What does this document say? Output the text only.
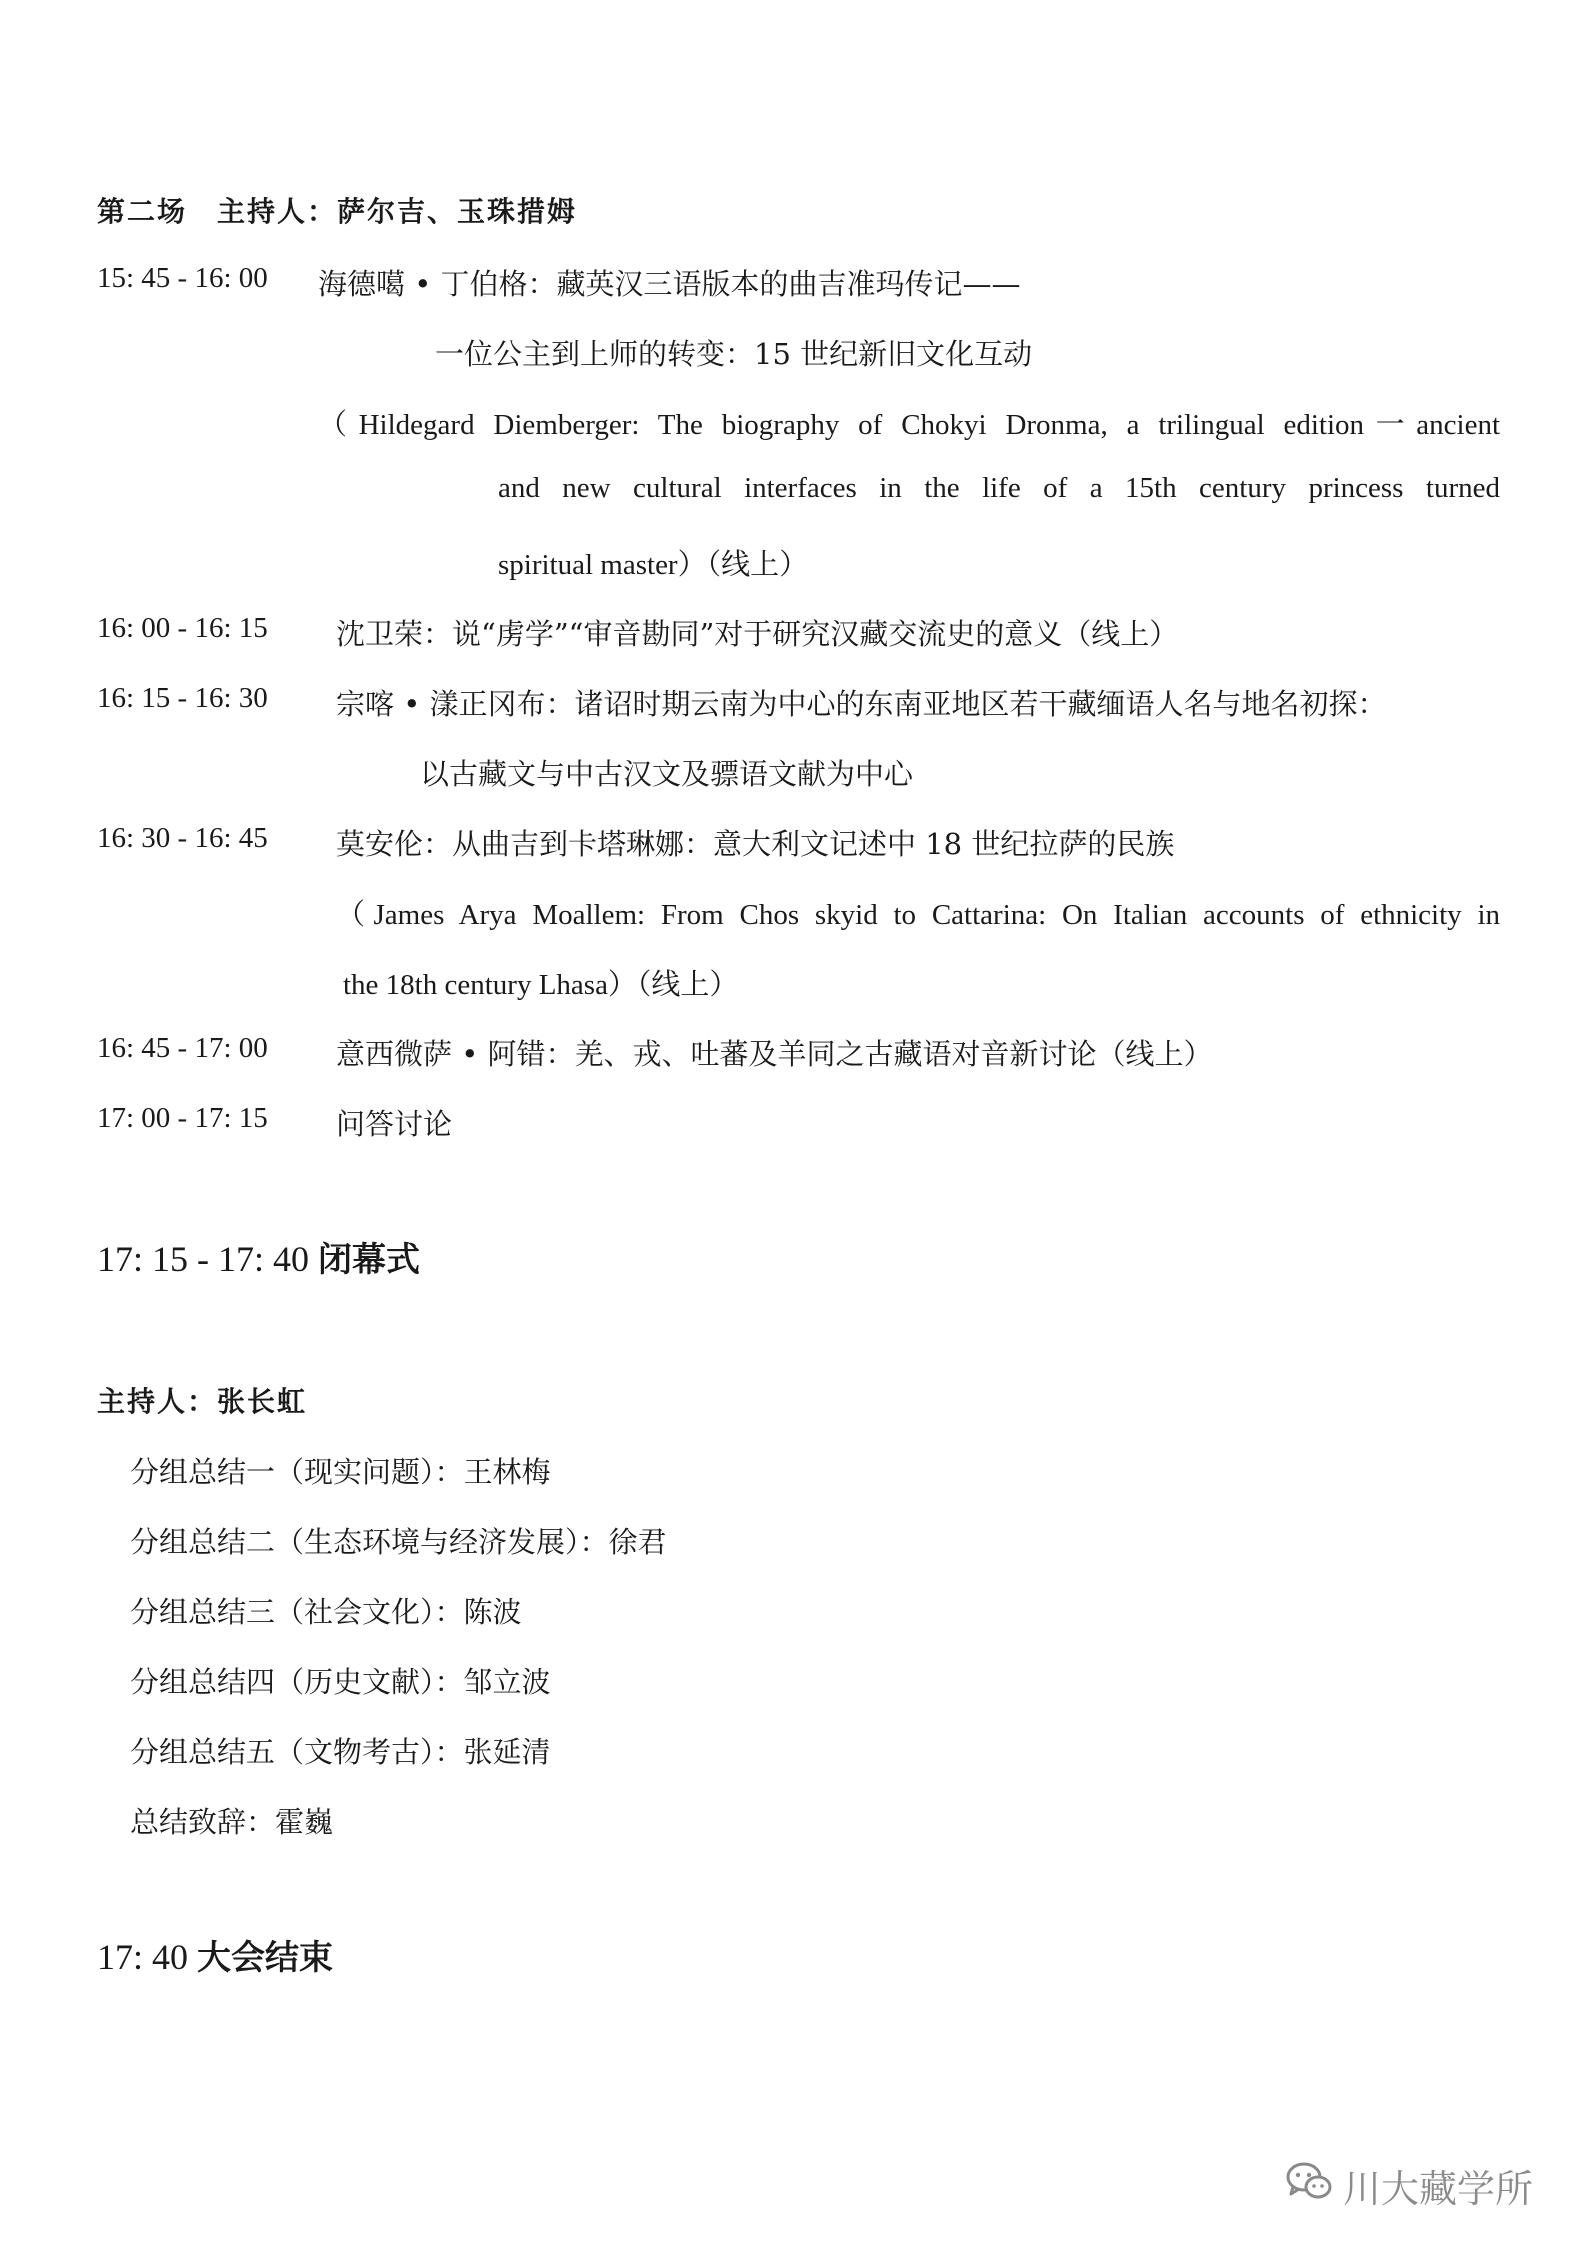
第二场　主持人：萨尔吉、玉珠措姆
15: 45 - 16: 00 海德噶 • 丁伯格：藏英汉三语版本的曲吉准玛传记——
一位公主到上师的转变：15 世纪新旧文化互动
（Hildegard Diemberger: The biography of Chokyi Dronma, a trilingual edition一ancient
and new cultural interfaces in the life of a 15th century princess turned
spiritual master）（线上）
16: 00 - 16: 15 沈卫荣：说“虏学”“审音勘同”对于研究汉藏交流史的意义（线上）
16: 15 - 16: 30 宗喀 • 漾正冈布：诸诏时期云南为中心的东南亚地区若干藏缅语人名与地名初探：
以古藏文与中古汉文及骠语文献为中心
16: 30 - 16: 45 莫安伦：从曲吉到卡塔琳娜：意大利文记述中 18 世纪拉萨的民族
（James Arya Moallem: From Chos skyid to Cattarina: On Italian accounts of ethnicity in
the 18th century Lhasa）（线上）
16: 45 - 17: 00 意西微萨 • 阿错：羌、戎、吐蕃及羊同之古藏语对音新讨论（线上）
17: 00 - 17: 15 问答讨论
17: 15 - 17: 40 闭幕式
主持人：张长虹
分组总结一（现实问题）：王林梅
分组总结二（生态环境与经济发展）：徐君
分组总结三（社会文化）：陈波
分组总结四（历史文献）：邹立波
分组总结五（文物考古）：张延清
总结致辞：霍巍
17: 40 大会结束
川大藏学所
